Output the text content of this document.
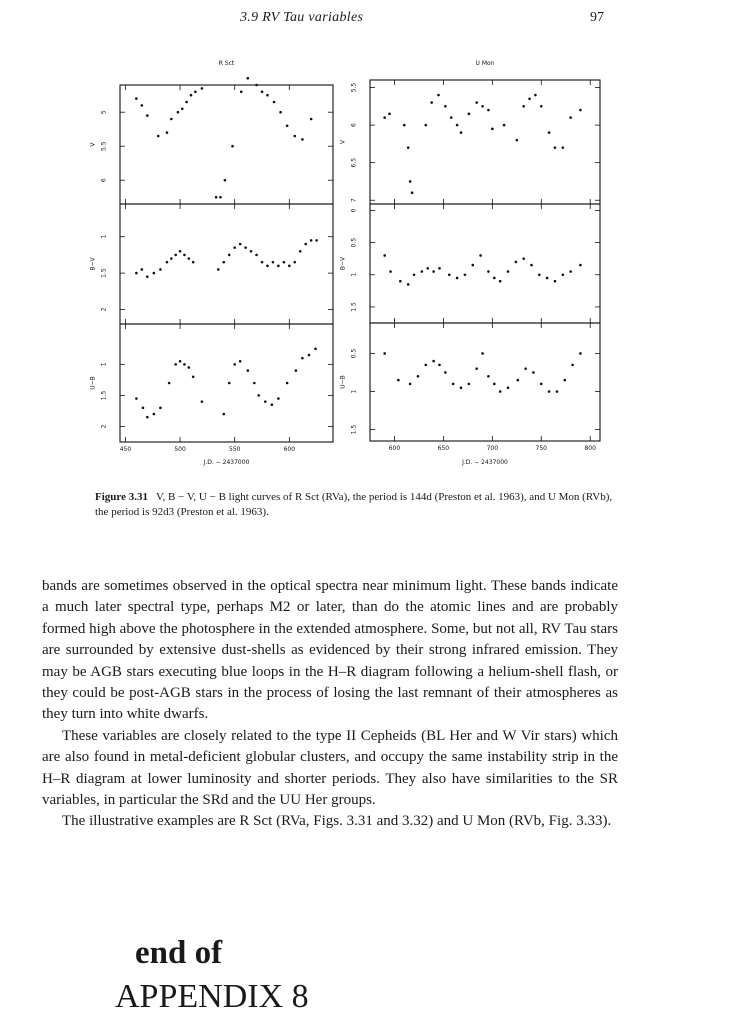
3.9 RV Tau variables	97
R Sct
5
5.5
6
V
1
1.5
2
B−V
1
1.5
2
U−B
450	500	550	600
J.D. − 2437000
U Mon
5.5
6
6.5
7
V
0
0.5
1
1.5
B−V
0.5
1
1.5
U−B
600	650	700	750	800
J.D. − 2437000
Figure 3.31 V, B − V, U − B light curves of R Sct (RVa), the period is 144d (Preston et al. 1963), and U Mon (RVb), the period is 92d3 (Preston et al. 1963).

bands are sometimes observed in the optical spectra near minimum light. These bands indicate a much later spectral type, perhaps M2 or later, than do the atomic lines and are probably formed high above the photosphere in the extended atmosphere. Some, but not all, RV Tau stars are surrounded by extensive dust-shells as evidenced by their strong infrared emission. They may be AGB stars executing blue loops in the H–R diagram following a helium-shell flash, or they could be post-AGB stars in the process of losing the last remnant of their atmospheres as they turn into white dwarfs.

These variables are closely related to the type II Cepheids (BL Her and W Vir stars) which are also found in metal-deficient globular clusters, and occupy the same instability strip in the H–R diagram at lower luminosity and shorter periods. They also have similarities to the SR variables, in particular the SRd and the UU Her groups.

The illustrative examples are R Sct (RVa, Figs. 3.31 and 3.32) and U Mon (RVb, Fig. 3.33).

end of
APPENDIX 8
